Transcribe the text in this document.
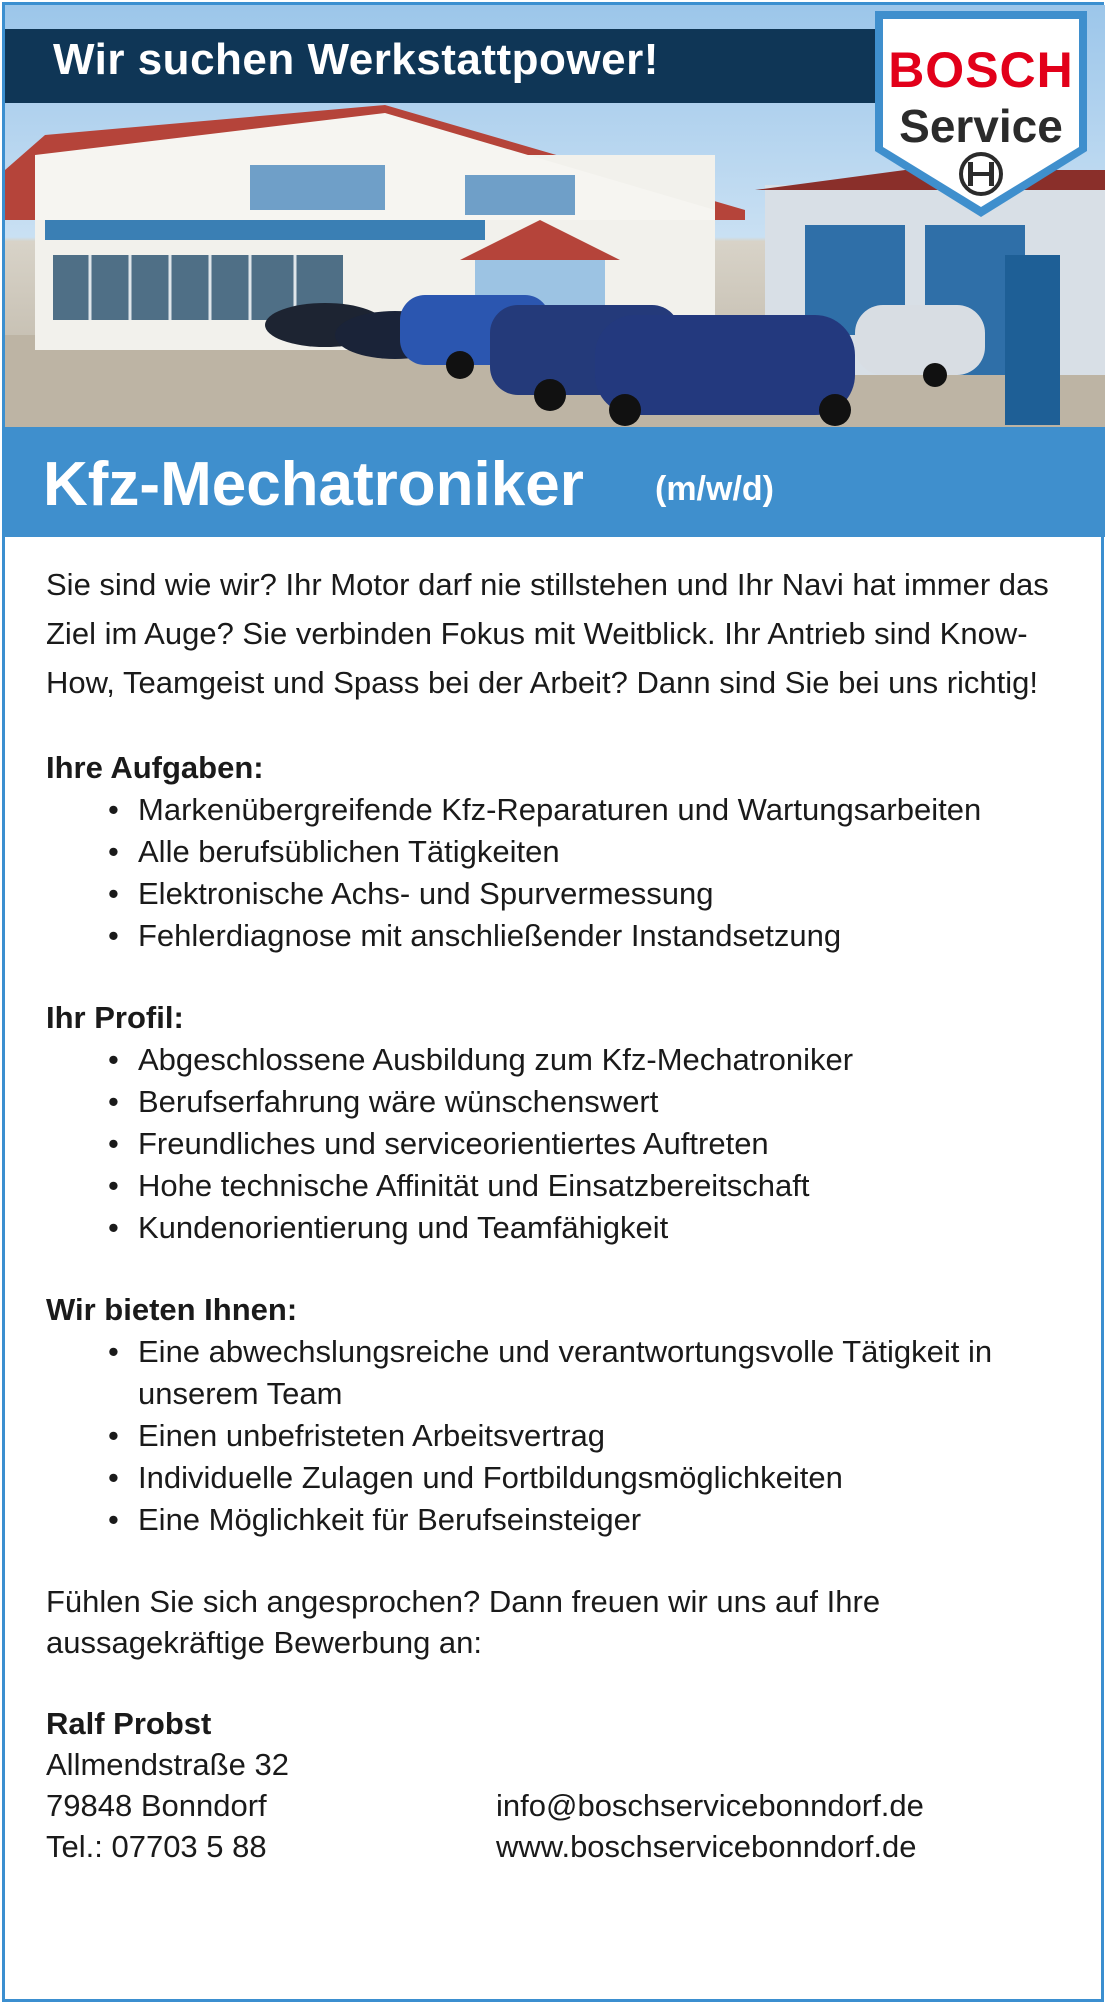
Wir suchen Werkstattpower!	BOSCH
Service
Kfz-Mechatroniker (m/w/d)

Sie sind wie wir? Ihr Motor darf nie stillstehen und Ihr Navi hat immer das Ziel im Auge? Sie verbinden Fokus mit Weitblick. Ihr Antrieb sind Know-How, Teamgeist und Spass bei der Arbeit? Dann sind Sie bei uns richtig!

Ihre Aufgaben:
• Markenübergreifende Kfz-Reparaturen und Wartungsarbeiten
• Alle berufsüblichen Tätigkeiten
• Elektronische Achs- und Spurvermessung
• Fehlerdiagnose mit anschließender Instandsetzung
Ihr Profil:
• Abgeschlossene Ausbildung zum Kfz-Mechatroniker
• Berufserfahrung wäre wünschenswert
• Freundliches und serviceorientiertes Auftreten
• Hohe technische Affinität und Einsatzbereitschaft
• Kundenorientierung und Teamfähigkeit
Wir bieten Ihnen:
• Eine abwechslungsreiche und verantwortungsvolle Tätigkeit in unserem Team
• Einen unbefristeten Arbeitsvertrag
• Individuelle Zulagen und Fortbildungsmöglichkeiten
• Eine Möglichkeit für Berufseinsteiger

Fühlen Sie sich angesprochen? Dann freuen wir uns auf Ihre aussagekräftige Bewerbung an:

Ralf Probst
Allmendstraße 32
79848 Bonndorf
Tel.: 07703 5 88
info@boschservicebonndorf.de
www.boschservicebonndorf.de
